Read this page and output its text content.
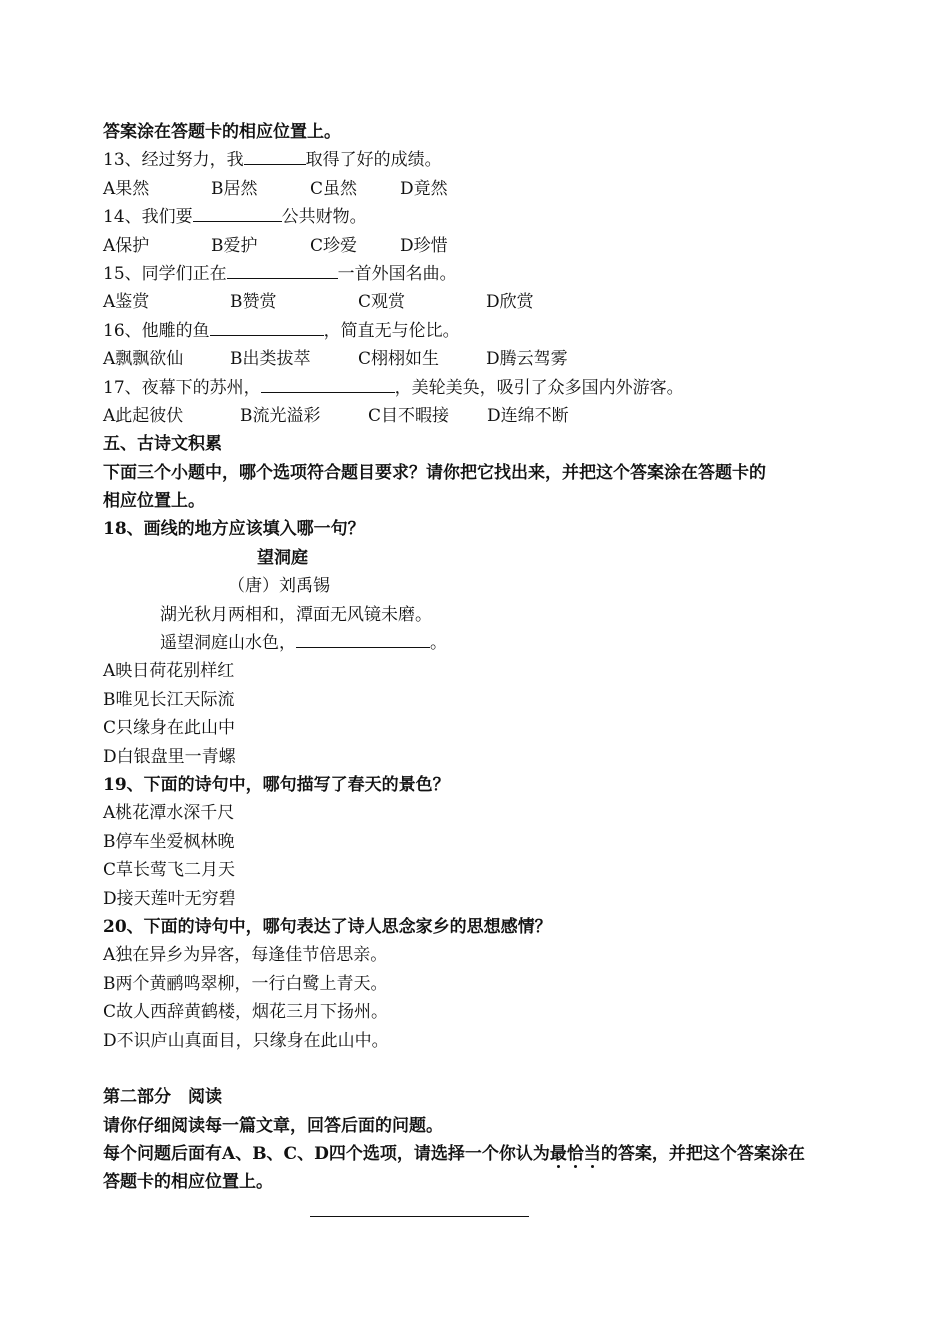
答案涂在答题卡的相应位置上。
13、经过努力，我	取得了好的成绩。
A果然	B居然	C虽然	D竟然
14、我们要	公共财物。
A保护	B爱护	C珍爱	D珍惜
15、同学们正在	一首外国名曲。
A鉴赏	B赞赏	C观赏	D欣赏
16、他雕的鱼	，简直无与伦比。
A飘飘欲仙	B出类拔萃	C栩栩如生	D腾云驾雾
17、夜幕下的苏州，	，美轮美奂，吸引了众多国内外游客。
A此起彼伏	B流光溢彩	C目不暇接 D连绵不断
五、古诗文积累
下面三个小题中，哪个选项符合题目要求？请你把它找出来，并把这个答案涂在答题卡的
相应位置上。
18、画线的地方应该填入哪一句？
望洞庭
（唐）刘禹锡
湖光秋月两相和，潭面无风镜未磨。
遥望洞庭山水色，	。
A映日荷花别样红
B唯见长江天际流
C只缘身在此山中
D白银盘里一青螺
19、下面的诗句中，哪句描写了春天的景色？
A桃花潭水深千尺
B停车坐爱枫林晚
C草长莺飞二月天
D接天莲叶无穷碧
20、下面的诗句中，哪句表达了诗人思念家乡的思想感情？
A独在异乡为异客，每逢佳节倍思亲。
B两个黄鹂鸣翠柳，一行白鹭上青天。
C故人西辞黄鹤楼，烟花三月下扬州。
D不识庐山真面目，只缘身在此山中。
第二部分　阅读
请你仔细阅读每一篇文章，回答后面的问题。
每个问题后面有A、B、C、D四个选项，请选择一个你认为最恰当的答案，并把这个答案涂在
答题卡的相应位置上。
